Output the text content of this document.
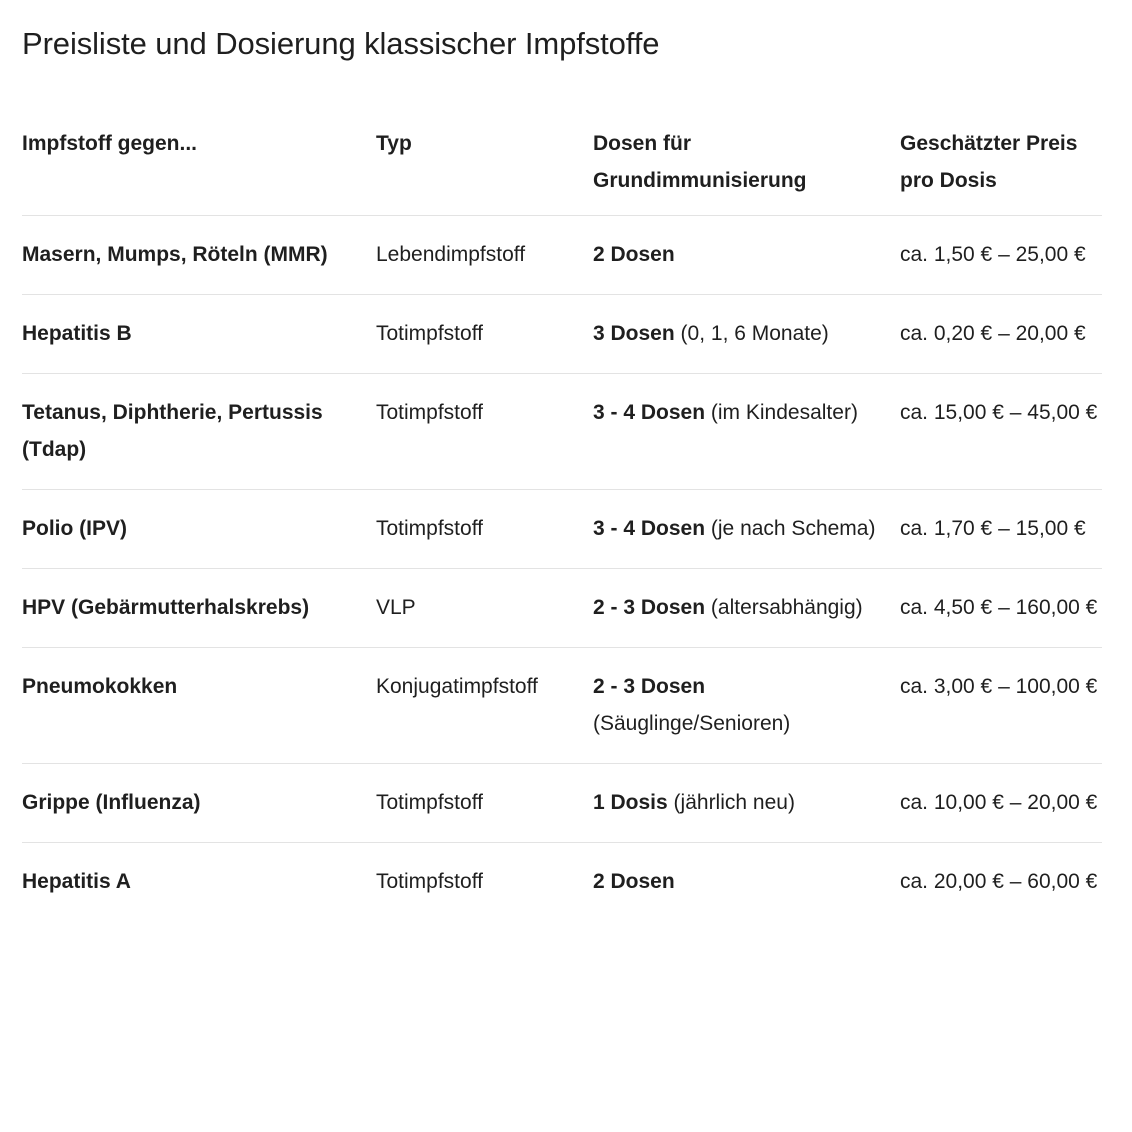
Preisliste und Dosierung klassischer Impfstoffe
Impfstoff gegen...	Typ	Dosen für Grundimmunisierung	Geschätzter Preis pro Dosis
Masern, Mumps, Röteln (MMR)	Lebendimpfstoff	2 Dosen	ca. 1,50 € – 25,00 €
Hepatitis B	Totimpfstoff	3 Dosen (0, 1, 6 Monate)	ca. 0,20 € – 20,00 €
Tetanus, Diphtherie, Pertussis (Tdap)	Totimpfstoff	3 - 4 Dosen (im Kindesalter)	ca. 15,00 € – 45,00 €
Polio (IPV)	Totimpfstoff	3 - 4 Dosen (je nach Schema)	ca. 1,70 € – 15,00 €
HPV (Gebärmutterhalskrebs)	VLP	2 - 3 Dosen (altersabhängig)	ca. 4,50 € – 160,00 €
Pneumokokken	Konjugatimpfstoff	2 - 3 Dosen (Säuglinge/Senioren)	ca. 3,00 € – 100,00 €
Grippe (Influenza)	Totimpfstoff	1 Dosis (jährlich neu)	ca. 10,00 € – 20,00 €
Hepatitis A	Totimpfstoff	2 Dosen	ca. 20,00 € – 60,00 €
